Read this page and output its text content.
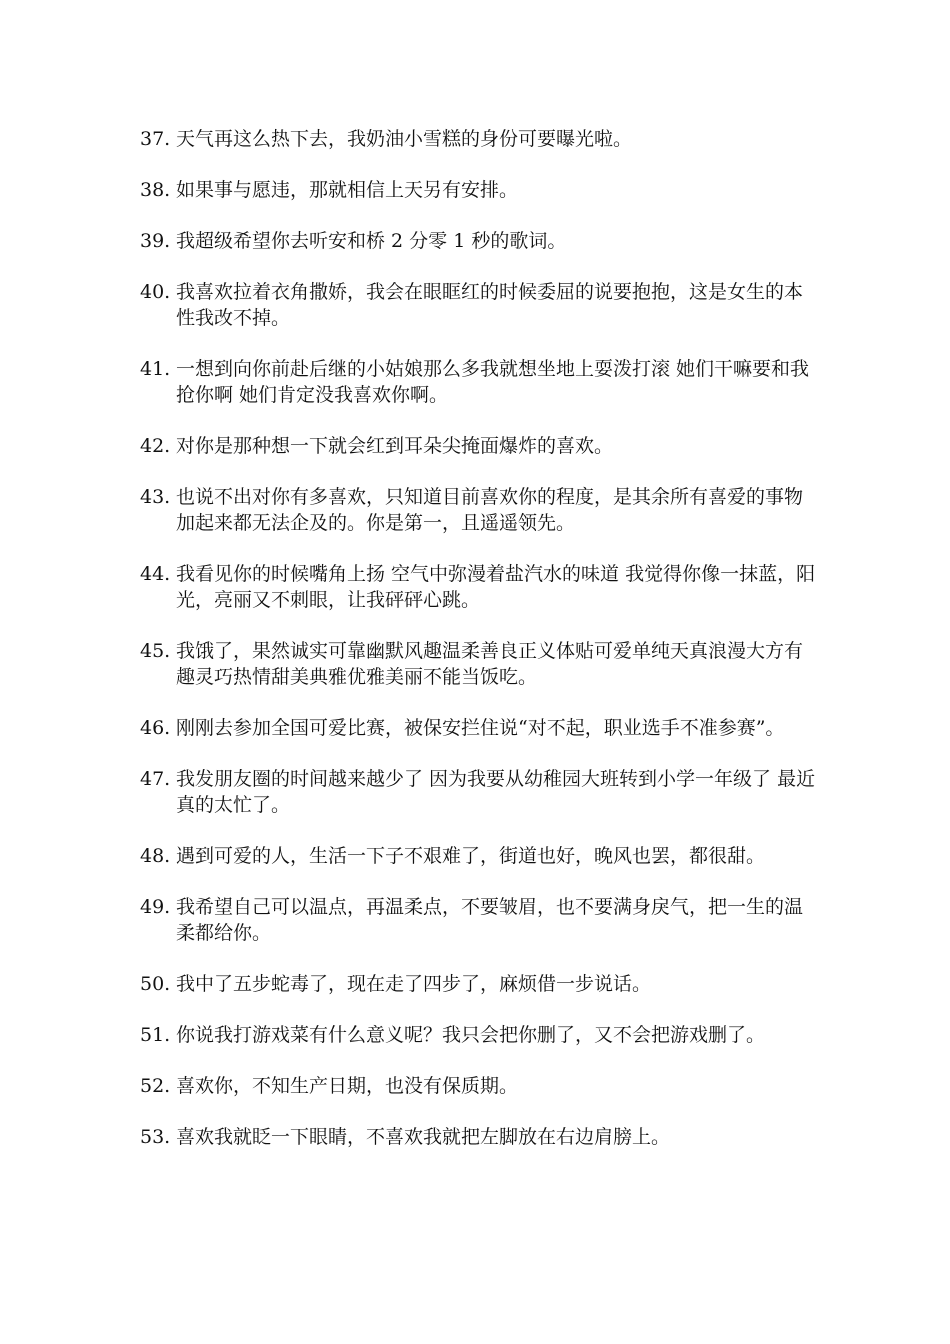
37. 天气再这么热下去，我奶油小雪糕的身份可要曝光啦。
38. 如果事与愿违，那就相信上天另有安排。
39. 我超级希望你去听安和桥 2 分零 1 秒的歌词。
40. 我喜欢拉着衣角撒娇，我会在眼眶红的时候委屈的说要抱抱，这是女生的本性我改不掉。
41. 一想到向你前赴后继的小姑娘那么多我就想坐地上耍泼打滚 她们干嘛要和我抢你啊 她们肯定没我喜欢你啊。
42. 对你是那种想一下就会红到耳朵尖掩面爆炸的喜欢。
43. 也说不出对你有多喜欢，只知道目前喜欢你的程度，是其余所有喜爱的事物加起来都无法企及的。你是第一，且遥遥领先。
44. 我看见你的时候嘴角上扬 空气中弥漫着盐汽水的味道 我觉得你像一抹蓝，阳光，亮丽又不刺眼，让我砰砰心跳。
45. 我饿了，果然诚实可靠幽默风趣温柔善良正义体贴可爱单纯天真浪漫大方有趣灵巧热情甜美典雅优雅美丽不能当饭吃。
46. 刚刚去参加全国可爱比赛，被保安拦住说“对不起，职业选手不准参赛”。
47. 我发朋友圈的时间越来越少了 因为我要从幼稚园大班转到小学一年级了 最近真的太忙了。
48. 遇到可爱的人，生活一下子不艰难了，街道也好，晚风也罢，都很甜。
49. 我希望自己可以温点，再温柔点，不要皱眉，也不要满身戾气，把一生的温柔都给你。
50. 我中了五步蛇毒了，现在走了四步了，麻烦借一步说话。
51. 你说我打游戏菜有什么意义呢？我只会把你删了，又不会把游戏删了。
52. 喜欢你，不知生产日期，也没有保质期。
53. 喜欢我就眨一下眼睛，不喜欢我就把左脚放在右边肩膀上。
